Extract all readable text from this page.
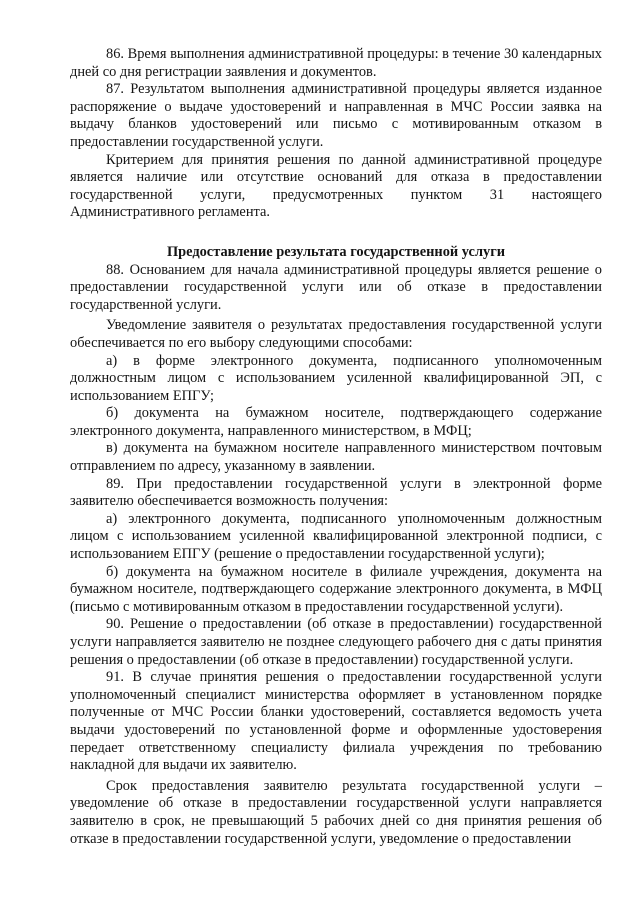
86. Время выполнения административной процедуры: в течение 30 календарных дней со дня регистрации заявления и документов.

87. Результатом выполнения административной процедуры является изданное распоряжение о выдаче удостоверений и направленная в МЧС России заявка на выдачу бланков удостоверений или письмо с мотивированным отказом в предоставлении государственной услуги.

Критерием для принятия решения по данной административной процедуре является наличие или отсутствие оснований для отказа в предоставлении государственной услуги, предусмотренных пунктом 31 настоящего Административного регламента.

Предоставление результата государственной услуги

88. Основанием для начала административной процедуры является решение о предоставлении государственной услуги или об отказе в предоставлении государственной услуги.

Уведомление заявителя о результатах предоставления государственной услуги обеспечивается по его выбору следующими способами:

а) в форме электронного документа, подписанного уполномоченным должностным лицом с использованием усиленной квалифицированной ЭП, с использованием ЕПГУ;

б) документа на бумажном носителе, подтверждающего содержание электронного документа, направленного министерством, в МФЦ;

в) документа на бумажном носителе направленного министерством почтовым отправлением по адресу, указанному в заявлении.

89. При предоставлении государственной услуги в электронной форме заявителю обеспечивается возможность получения:

а) электронного документа, подписанного уполномоченным должностным лицом с использованием усиленной квалифицированной электронной подписи, с использованием ЕПГУ (решение о предоставлении государственной услуги);

б) документа на бумажном носителе в филиале учреждения, документа на бумажном носителе, подтверждающего содержание электронного документа, в МФЦ (письмо с мотивированным отказом в предоставлении государственной услуги).

90. Решение о предоставлении (об отказе в предоставлении) государственной услуги направляется заявителю не позднее следующего рабочего дня с даты принятия решения о предоставлении (об отказе в предоставлении) государственной услуги.

91. В случае принятия решения о предоставлении государственной услуги уполномоченный специалист министерства оформляет в установленном порядке полученные от МЧС России бланки удостоверений, составляется ведомость учета выдачи удостоверений по установленной форме и оформленные удостоверения передает ответственному специалисту филиала учреждения по требованию накладной для выдачи их заявителю.

Срок предоставления заявителю результата государственной услуги – уведомление об отказе в предоставлении государственной услуги направляется заявителю в срок, не превышающий 5 рабочих дней со дня принятия решения об отказе в предоставлении государственной услуги, уведомление о предоставлении
